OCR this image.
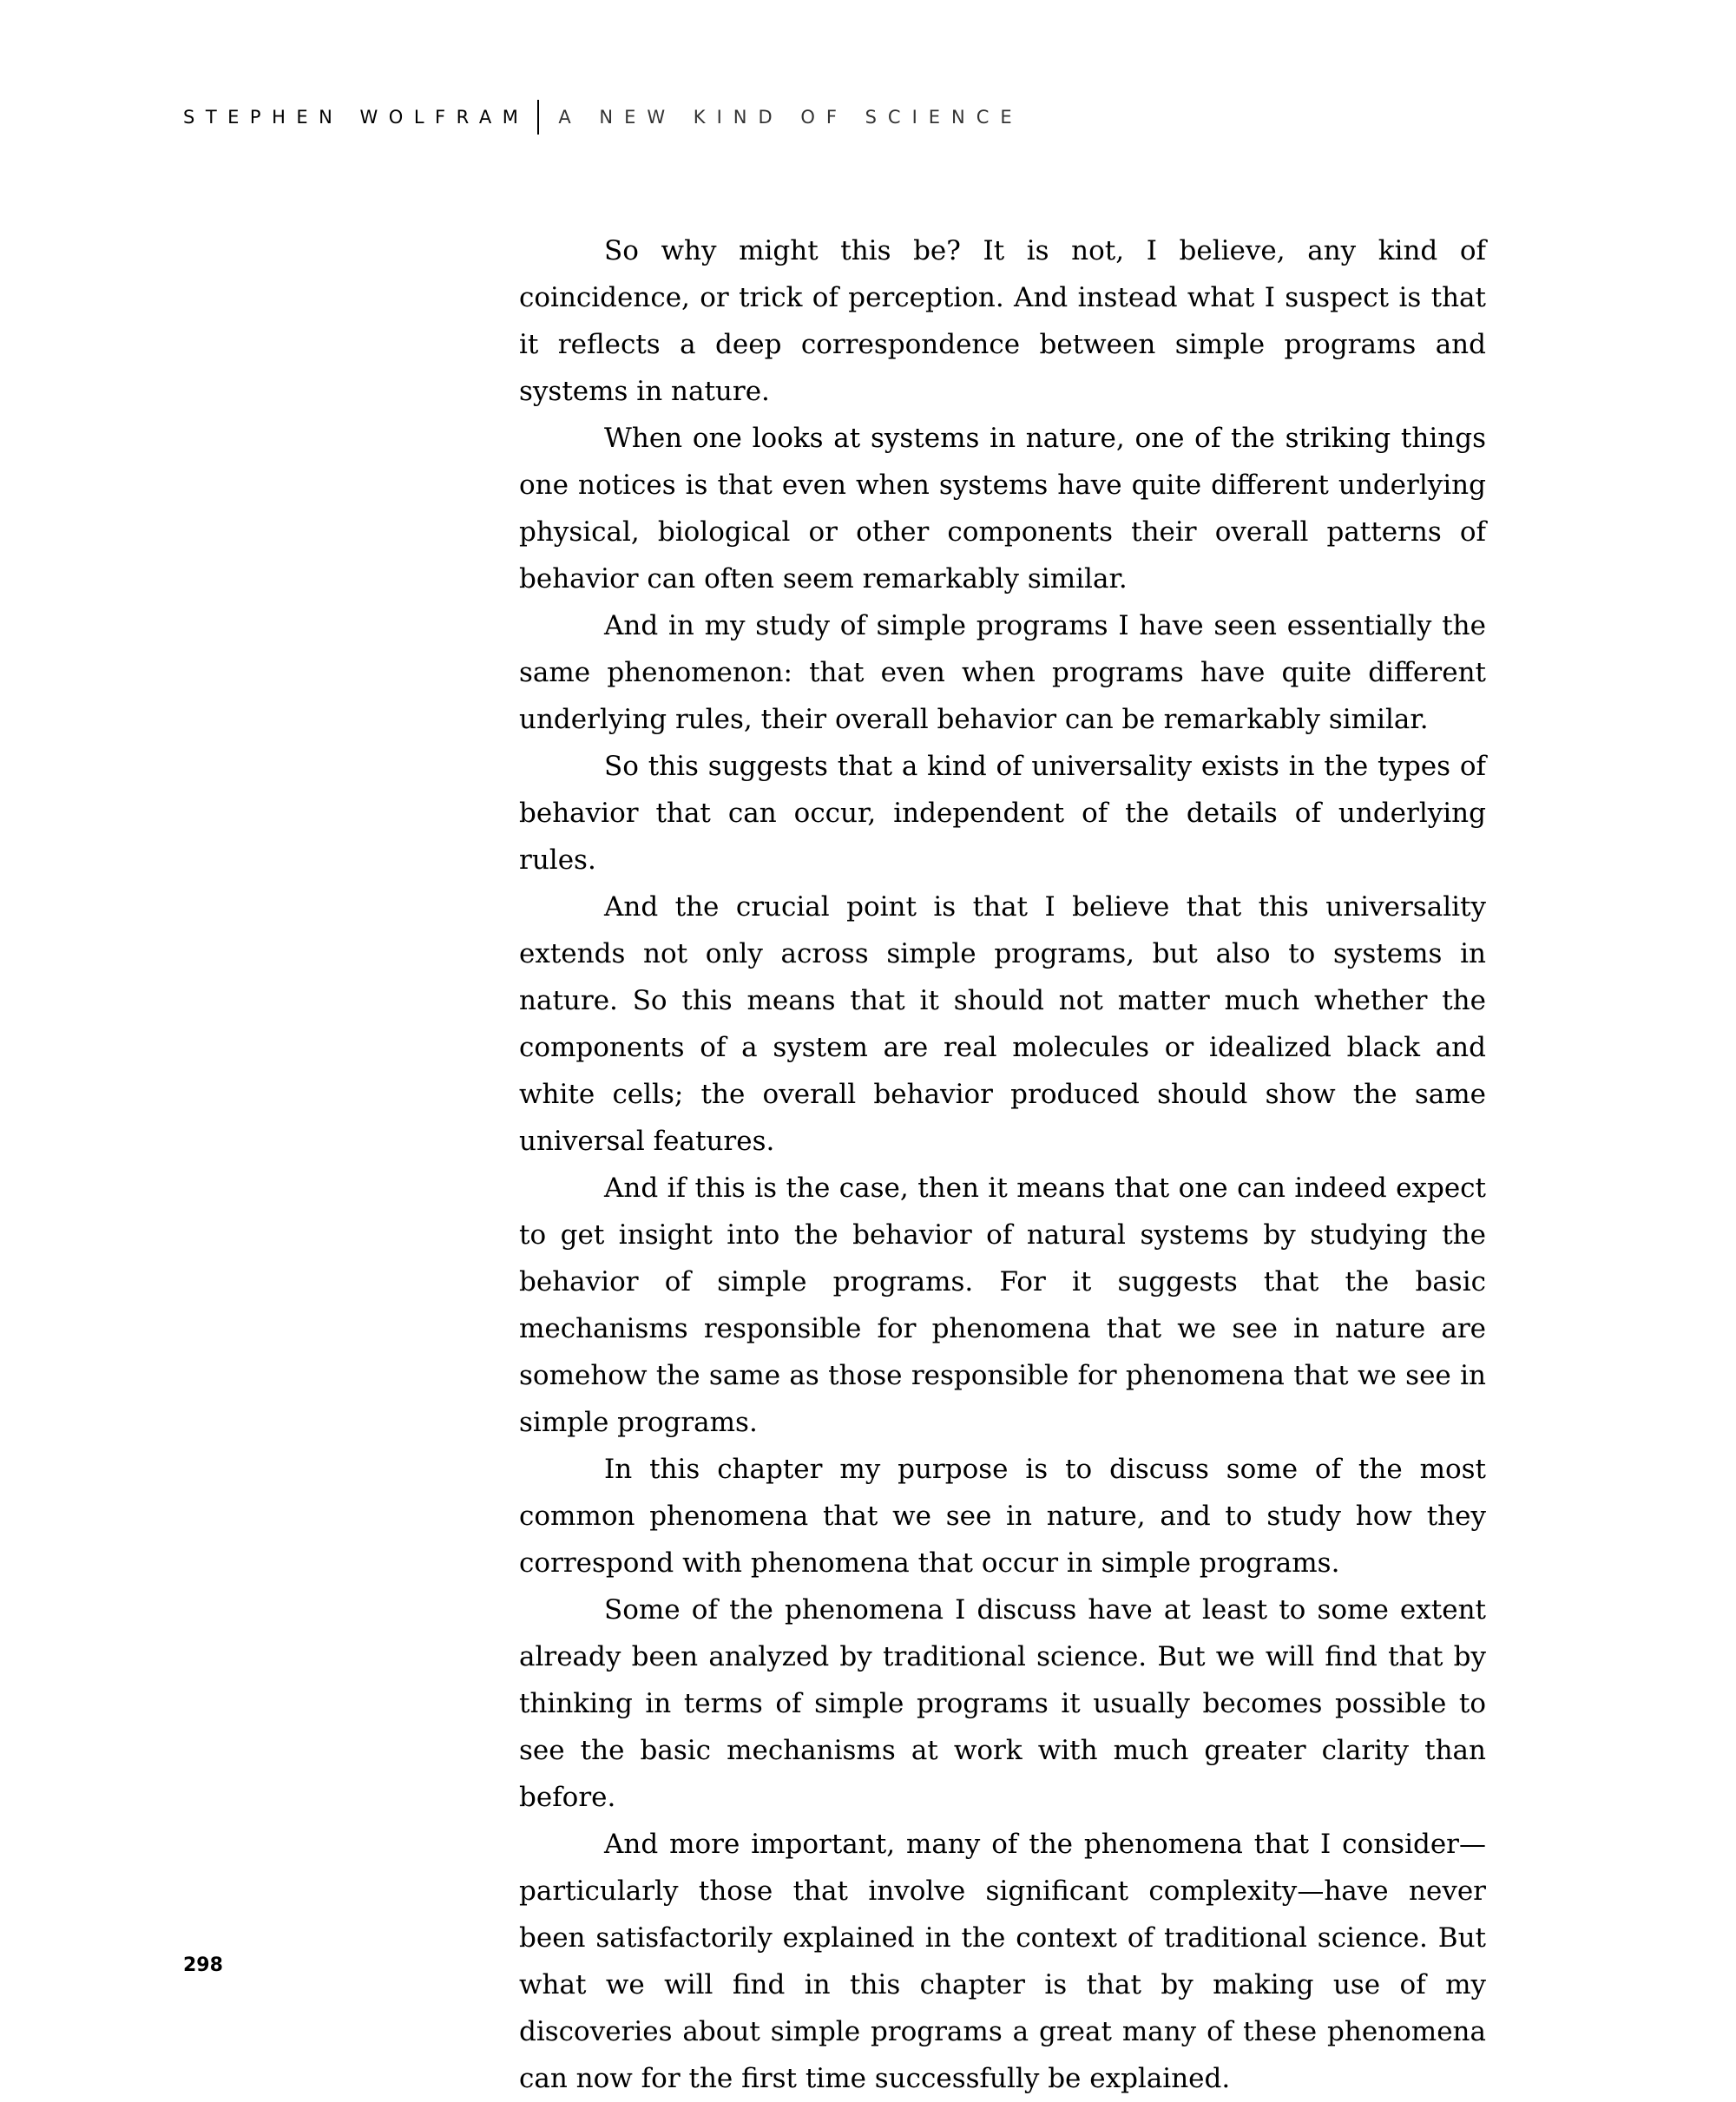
STEPHEN WOLFRAM A NEW KIND OF SCIENCE

So why might this be? It is not, I believe, any kind of coincidence, or trick of perception. And instead what I suspect is that it reflects a deep correspondence between simple programs and systems in nature.

When one looks at systems in nature, one of the striking things one notices is that even when systems have quite different underlying physical, biological or other components their overall patterns of behavior can often seem remarkably similar.

And in my study of simple programs I have seen essentially the same phenomenon: that even when programs have quite different underlying rules, their overall behavior can be remarkably similar.

So this suggests that a kind of universality exists in the types of behavior that can occur, independent of the details of underlying rules.

And the crucial point is that I believe that this universality extends not only across simple programs, but also to systems in nature. So this means that it should not matter much whether the components of a system are real molecules or idealized black and white cells; the overall behavior produced should show the same universal features.

And if this is the case, then it means that one can indeed expect to get insight into the behavior of natural systems by studying the behavior of simple programs. For it suggests that the basic mechanisms responsible for phenomena that we see in nature are somehow the same as those responsible for phenomena that we see in simple programs.

In this chapter my purpose is to discuss some of the most common phenomena that we see in nature, and to study how they correspond with phenomena that occur in simple programs.

Some of the phenomena I discuss have at least to some extent already been analyzed by traditional science. But we will find that by thinking in terms of simple programs it usually becomes possible to see the basic mechanisms at work with much greater clarity than before.

And more important, many of the phenomena that I consider—particularly those that involve significant complexity—have never been satisfactorily explained in the context of traditional science. But what we will find in this chapter is that by making use of my discoveries about simple programs a great many of these phenomena can now for the first time successfully be explained.

298
